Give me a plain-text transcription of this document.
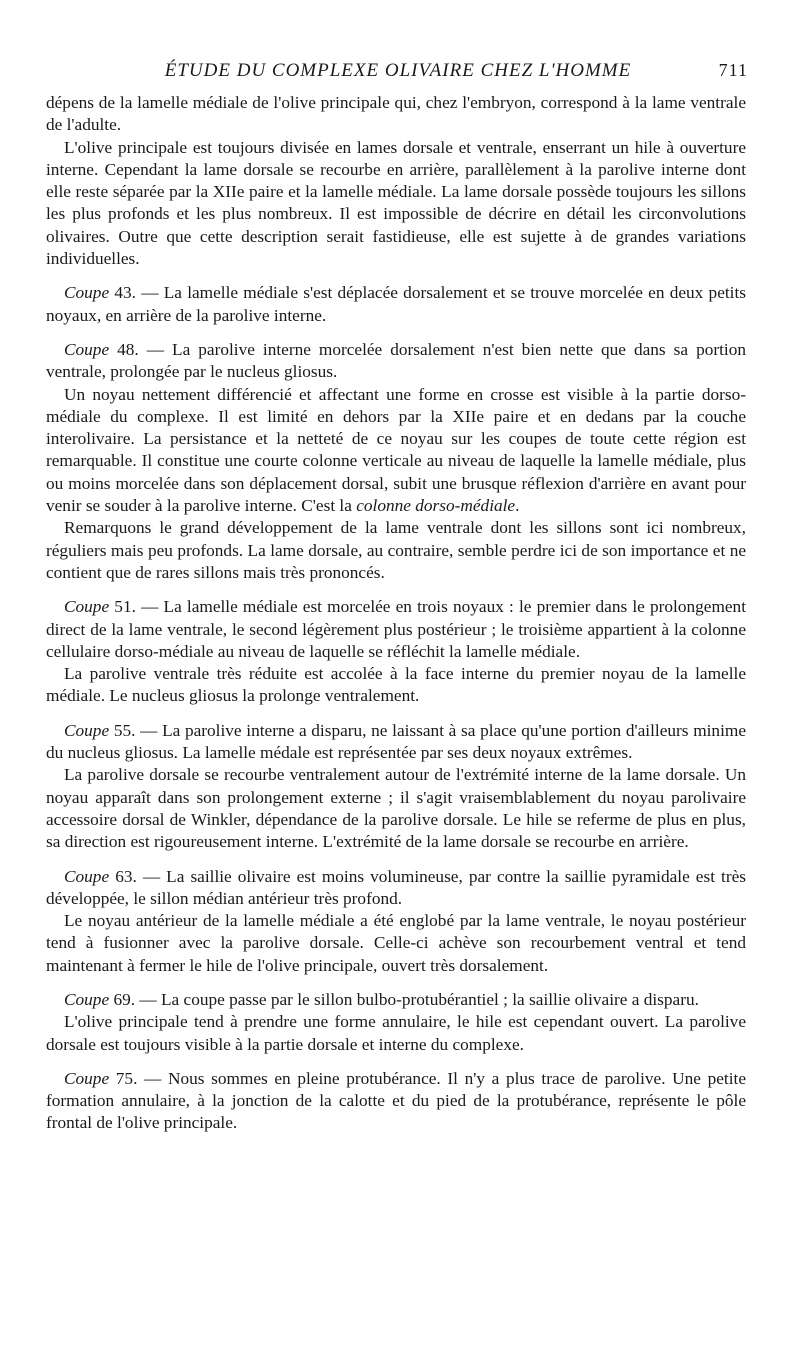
ÉTUDE DU COMPLEXE OLIVAIRE CHEZ L'HOMME	711

dépens de la lamelle médiale de l'olive principale qui, chez l'embryon, correspond à la lame ventrale de l'adulte.

L'olive principale est toujours divisée en lames dorsale et ventrale, enserrant un hile à ouverture interne. Cependant la lame dorsale se recourbe en arrière, parallèlement à la parolive interne dont elle reste séparée par la XIIe paire et la lamelle médiale. La lame dorsale possède toujours les sillons les plus profonds et les plus nombreux. Il est impossible de décrire en détail les circonvolutions olivaires. Outre que cette description serait fastidieuse, elle est sujette à de grandes variations individuelles.

Coupe 43. — La lamelle médiale s'est déplacée dorsalement et se trouve morcelée en deux petits noyaux, en arrière de la parolive interne.

Coupe 48. — La parolive interne morcelée dorsalement n'est bien nette que dans sa portion ventrale, prolongée par le nucleus gliosus.

Un noyau nettement différencié et affectant une forme en crosse est visible à la partie dorso-médiale du complexe. Il est limité en dehors par la XIIe paire et en dedans par la couche interolivaire. La persistance et la netteté de ce noyau sur les coupes de toute cette région est remarquable. Il constitue une courte colonne verticale au niveau de laquelle la lamelle médiale, plus ou moins morcelée dans son déplacement dorsal, subit une brusque réflexion d'arrière en avant pour venir se souder à la parolive interne. C'est la colonne dorso-médiale.

Remarquons le grand développement de la lame ventrale dont les sillons sont ici nombreux, réguliers mais peu profonds. La lame dorsale, au contraire, semble perdre ici de son importance et ne contient que de rares sillons mais très prononcés.

Coupe 51. — La lamelle médiale est morcelée en trois noyaux : le premier dans le prolongement direct de la lame ventrale, le second légèrement plus postérieur ; le troisième appartient à la colonne cellulaire dorso-médiale au niveau de laquelle se réfléchit la lamelle médiale.

La parolive ventrale très réduite est accolée à la face interne du premier noyau de la lamelle médiale. Le nucleus gliosus la prolonge ventralement.

Coupe 55. — La parolive interne a disparu, ne laissant à sa place qu'une portion d'ailleurs minime du nucleus gliosus. La lamelle médale est représentée par ses deux noyaux extrêmes.

La parolive dorsale se recourbe ventralement autour de l'extrémité interne de la lame dorsale. Un noyau apparaît dans son prolongement externe ; il s'agit vraisemblablement du noyau parolivaire accessoire dorsal de Winkler, dépendance de la parolive dorsale. Le hile se referme de plus en plus, sa direction est rigoureusement interne. L'extrémité de la lame dorsale se recourbe en arrière.

Coupe 63. — La saillie olivaire est moins volumineuse, par contre la saillie pyramidale est très développée, le sillon médian antérieur très profond.

Le noyau antérieur de la lamelle médiale a été englobé par la lame ventrale, le noyau postérieur tend à fusionner avec la parolive dorsale. Celle-ci achève son recourbement ventral et tend maintenant à fermer le hile de l'olive principale, ouvert très dorsalement.

Coupe 69. — La coupe passe par le sillon bulbo-protubérantiel ; la saillie olivaire a disparu.

L'olive principale tend à prendre une forme annulaire, le hile est cependant ouvert. La parolive dorsale est toujours visible à la partie dorsale et interne du complexe.

Coupe 75. — Nous sommes en pleine protubérance. Il n'y a plus trace de parolive. Une petite formation annulaire, à la jonction de la calotte et du pied de la protubérance, représente le pôle frontal de l'olive principale.
